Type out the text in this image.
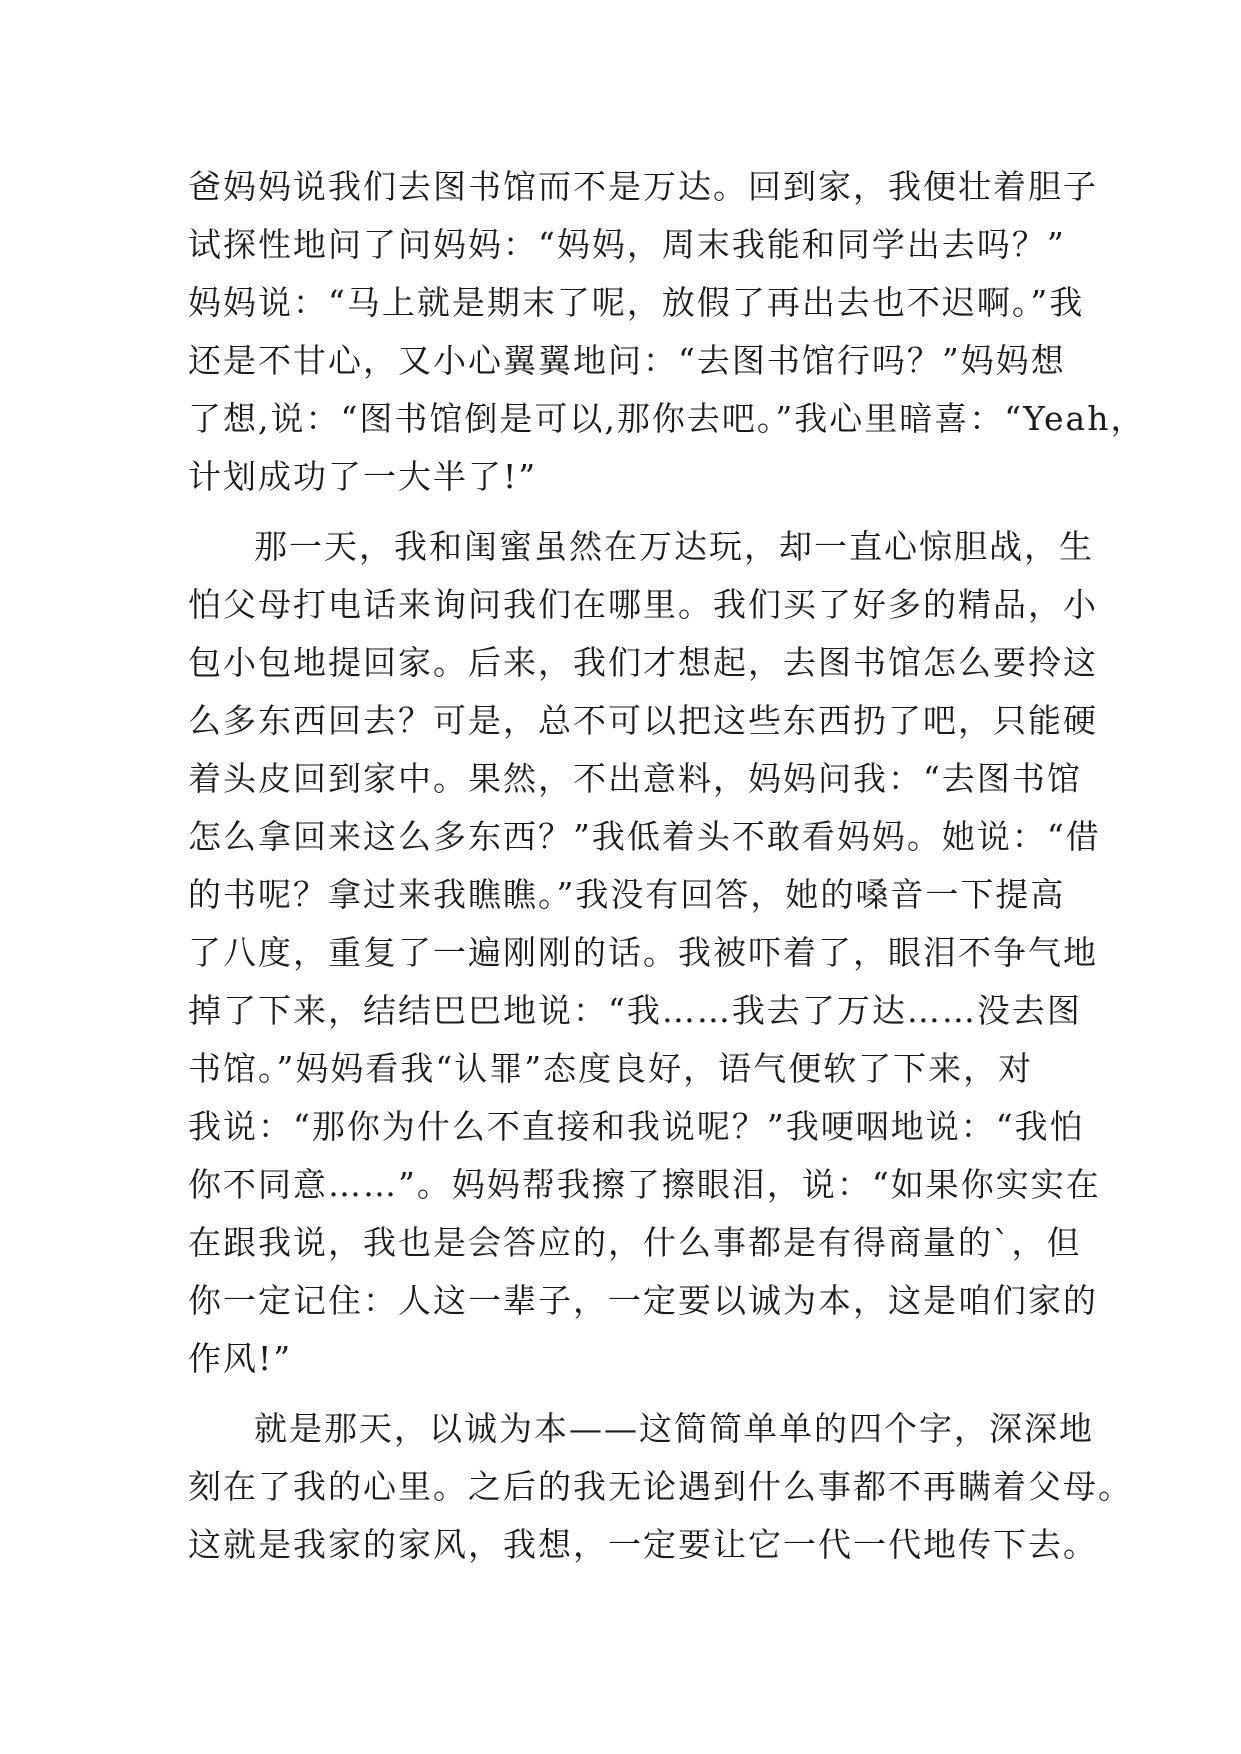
爸妈妈说我们去图书馆而不是万达。回到家，我便壮着胆子
试探性地问了问妈妈：“妈妈，周末我能和同学出去吗？”
妈妈说：“马上就是期末了呢，放假了再出去也不迟啊。”我
还是不甘心，又小心翼翼地问：“去图书馆行吗？”妈妈想
了想,说：“图书馆倒是可以,那你去吧。”我心里暗喜：“Yeah，
计划成功了一大半了!”
那一天，我和闺蜜虽然在万达玩，却一直心惊胆战，生
怕父母打电话来询问我们在哪里。我们买了好多的精品，小
包小包地提回家。后来，我们才想起，去图书馆怎么要拎这
么多东西回去？可是，总不可以把这些东西扔了吧，只能硬
着头皮回到家中。果然，不出意料，妈妈问我：“去图书馆
怎么拿回来这么多东西？”我低着头不敢看妈妈。她说：“借
的书呢？拿过来我瞧瞧。”我没有回答，她的嗓音一下提高
了八度，重复了一遍刚刚的话。我被吓着了，眼泪不争气地
掉了下来，结结巴巴地说：“我……我去了万达……没去图
书馆。”妈妈看我“认罪”态度良好，语气便软了下来，对
我说：“那你为什么不直接和我说呢？”我哽咽地说：“我怕
你不同意……”。妈妈帮我擦了擦眼泪，说：“如果你实实在
在跟我说，我也是会答应的，什么事都是有得商量的`，但
你一定记住：人这一辈子，一定要以诚为本，这是咱们家的
作风!”
就是那天，以诚为本——这简简单单的四个字，深深地
刻在了我的心里。之后的我无论遇到什么事都不再瞒着父母。
这就是我家的家风，我想，一定要让它一代一代地传下去。
